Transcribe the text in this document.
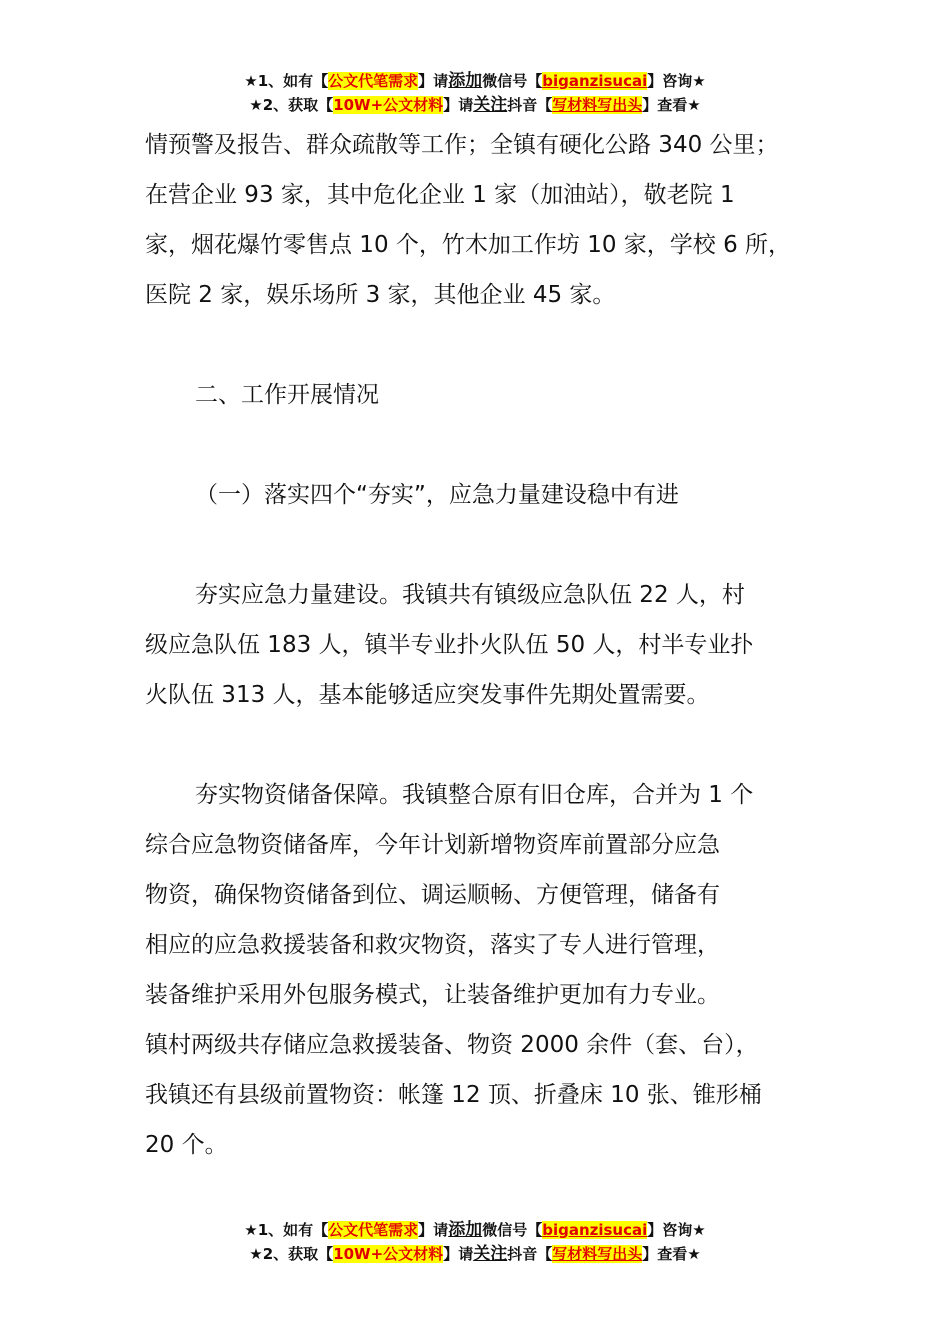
★1、如有【公文代笔需求】请添加微信号【biganzisucai】咨询★
★2、获取【10W+公文材料】请关注抖音【写材料写出头】查看★
情预警及报告、群众疏散等工作；全镇有硬化公路 340 公里；
在营企业 93 家，其中危化企业 1 家（加油站），敬老院 1
家，烟花爆竹零售点 10 个，竹木加工作坊 10 家，学校 6 所，
医院 2 家，娱乐场所 3 家，其他企业 45 家。
二、工作开展情况
（一）落实四个“夯实”，应急力量建设稳中有进
夯实应急力量建设。我镇共有镇级应急队伍 22 人，村
级应急队伍 183 人，镇半专业扑火队伍 50 人，村半专业扑
火队伍 313 人，基本能够适应突发事件先期处置需要。
夯实物资储备保障。我镇整合原有旧仓库，合并为 1 个
综合应急物资储备库，今年计划新增物资库前置部分应急
物资，确保物资储备到位、调运顺畅、方便管理，储备有
相应的应急救援装备和救灾物资，落实了专人进行管理，
装备维护采用外包服务模式，让装备维护更加有力专业。
镇村两级共存储应急救援装备、物资 2000 余件（套、台），
我镇还有县级前置物资：帐篷 12 顶、折叠床 10 张、锥形桶
20 个。
★1、如有【公文代笔需求】请添加微信号【biganzisucai】咨询★
★2、获取【10W+公文材料】请关注抖音【写材料写出头】查看★
